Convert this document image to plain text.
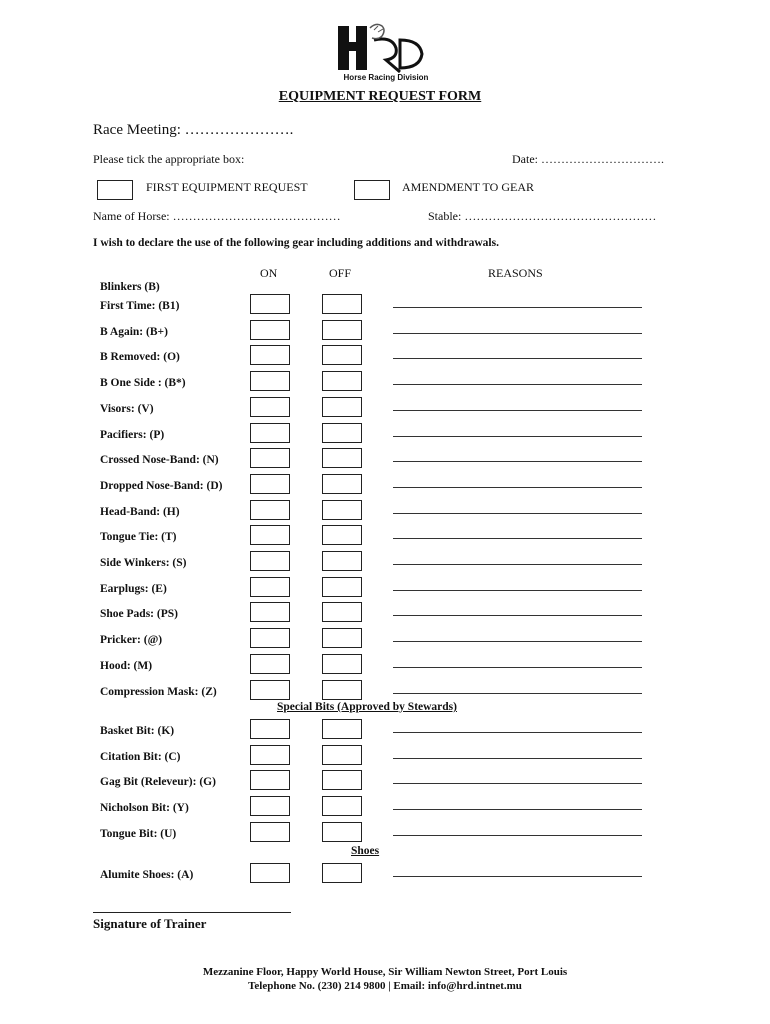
Horse Racing Division
EQUIPMENT REQUEST FORM
Race Meeting: ………………….
Please tick the appropriate box:	Date: ………………………….
FIRST EQUIPMENT REQUEST	AMENDMENT TO GEAR
Name of Horse: ……………………………………	Stable: …………………………………………
I wish to declare the use of the following gear including additions and withdrawals.
ON	OFF	REASONS
Blinkers (B)
First Time: (B1)
B Again: (B+)
B Removed: (O)
B One Side : (B*)
Visors: (V)
Pacifiers: (P)
Crossed Nose-Band: (N)
Dropped Nose-Band: (D)
Head-Band: (H)
Tongue Tie: (T)
Side Winkers: (S)
Earplugs: (E)
Shoe Pads: (PS)
Pricker: (@)
Hood: (M)
Compression Mask: (Z)
Special Bits (Approved by Stewards)
Basket Bit: (K)
Citation Bit: (C)
Gag Bit (Releveur): (G)
Nicholson Bit: (Y)
Tongue Bit: (U)
Shoes
Alumite Shoes: (A)
Signature of Trainer
Mezzanine Floor, Happy World House, Sir William Newton Street, Port Louis
Telephone No. (230) 214 9800 | Email: info@hrd.intnet.mu
